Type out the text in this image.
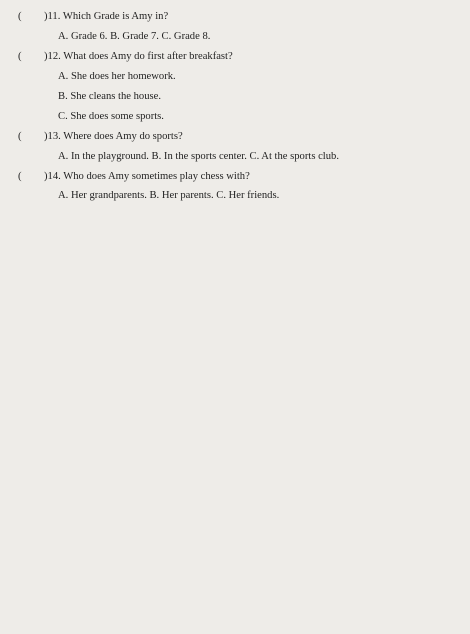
( )11. Which Grade is Amy in?
A. Grade 6. B. Grade 7. C. Grade 8.
( )12. What does Amy do first after breakfast?
A. She does her homework.
B. She cleans the house.
C. She does some sports.
( )13. Where does Amy do sports?
A. In the playground. B. In the sports center. C. At the sports club.
( )14. Who does Amy sometimes play chess with?
A. Her grandparents. B. Her parents. C. Her friends.
